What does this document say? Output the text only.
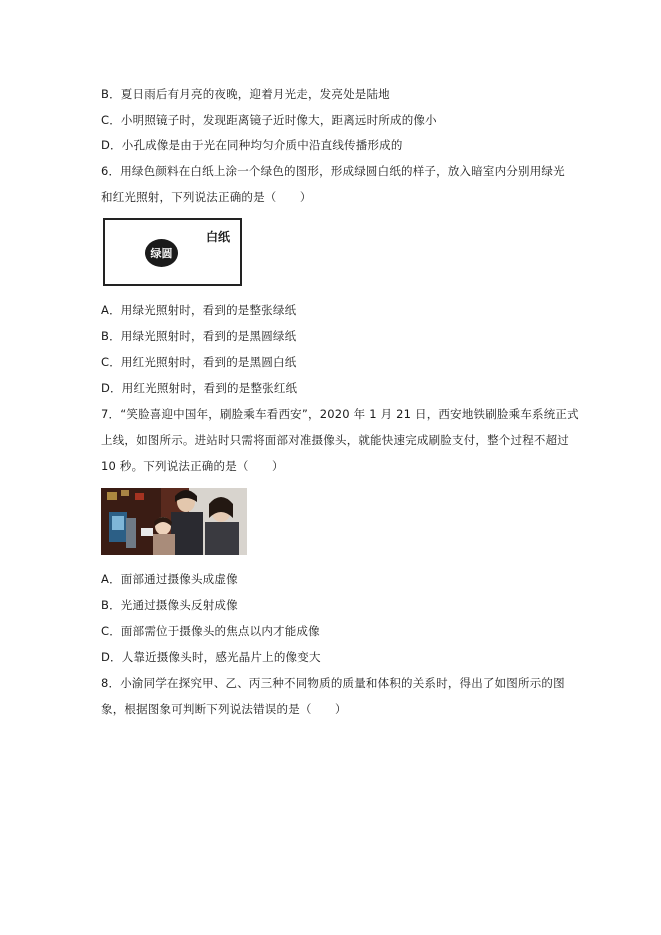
B．夏日雨后有月亮的夜晚，迎着月光走，发亮处是陆地
C．小明照镜子时，发现距离镜子近时像大，距离远时所成的像小
D．小孔成像是由于光在同种均匀介质中沿直线传播形成的
6．用绿色颜料在白纸上涂一个绿色的图形，形成绿圆白纸的样子，放入暗室内分别用绿光
和红光照射，下列说法正确的是（　　）
绿圆
白纸
A．用绿光照射时，看到的是整张绿纸
B．用绿光照射时，看到的是黑圆绿纸
C．用红光照射时，看到的是黑圆白纸
D．用红光照射时，看到的是整张红纸
7．“笑脸喜迎中国年，刷脸乘车看西安”，2020 年 1 月 21 日，西安地铁刷脸乘车系统正式
上线，如图所示。进站时只需将面部对准摄像头，就能快速完成刷脸支付，整个过程不超过
10 秒。下列说法正确的是（　　）
A．面部通过摄像头成虚像
B．光通过摄像头反射成像
C．面部需位于摄像头的焦点以内才能成像
D．人靠近摄像头时，感光晶片上的像变大
8．小渝同学在探究甲、乙、丙三种不同物质的质量和体积的关系时，得出了如图所示的图
象，根据图象可判断下列说法错误的是（　　）
